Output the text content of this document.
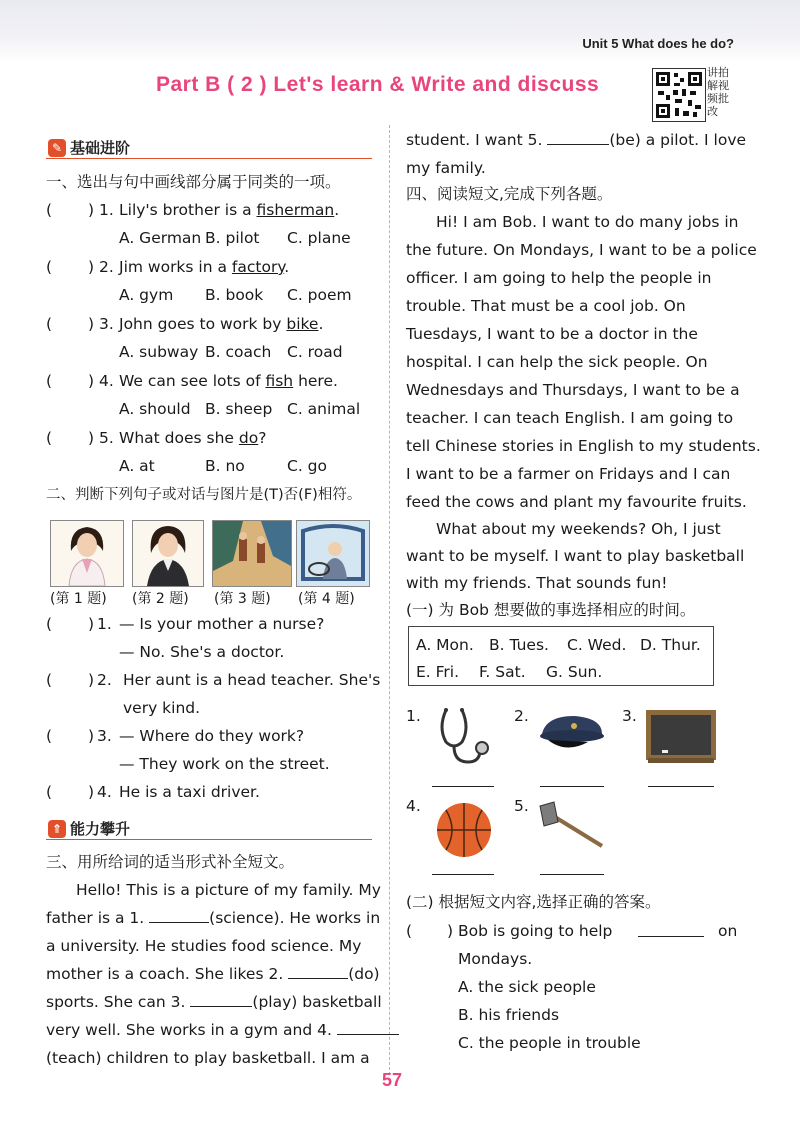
Unit 5 What does he do?
Part B ( 2 ) Let's learn & Write and discuss
讲拍解视频批改
✎ 基础进阶
一、选出与句中画线部分属于同类的一项。
( ) 1. Lily's brother is a fisherman.
A. German B. pilot C. plane
( ) 2. Jim works in a factory.
A. gym B. book C. poem
( ) 3. John goes to work by bike.
A. subway B. coach C. road
( ) 4. We can see lots of fish here.
A. should B. sheep C. animal
( ) 5. What does she do?
A. at	B. no	C. go
二、判断下列句子或对话与图片是(T)否(F)相符。
(第 1 题) (第 2 题) (第 3 题) (第 4 题)
( ) 1. — Is your mother a nurse?
— No. She's a doctor.
( ) 2. Her aunt is a head teacher. She's
very kind.
( ) 3. — Where do they work?
— They work on the street.
( ) 4. He is a taxi driver.
⇑ 能力攀升
三、用所给词的适当形式补全短文。
Hello! This is a picture of my family. My
father is a 1.	(science). He works in
a university. He studies food science. My
mother is a coach. She likes 2.	(do)
sports. She can 3.	(play) basketball
very well. She works in a gym and 4.
(teach) children to play basketball. I am a
student. I want 5.	(be) a pilot. I love
my family.
四、阅读短文,完成下列各题。
Hi! I am Bob. I want to do many jobs in
the future. On Mondays, I want to be a police
officer. I am going to help the people in
trouble. That must be a cool job. On
Tuesdays, I want to be a doctor in the
hospital. I can help the sick people. On
Wednesdays and Thursdays, I want to be a
teacher. I can teach English. I am going to
tell Chinese stories in English to my students.
I want to be a farmer on Fridays and I can
feed the cows and plant my favourite fruits.
What about my weekends? Oh, I just
want to be myself. I want to play basketball
with my friends. That sounds fun!
(一) 为 Bob 想要做的事选择相应的时间。
A. Mon. B. Tues. C. Wed. D. Thur.
E. Fri. F. Sat. G. Sun.
1.	2.	3.
4.	5.
(二) 根据短文内容,选择正确的答案。
( ) Bob is going to help	on
Mondays.
A. the sick people
B. his friends
C. the people in trouble
57
